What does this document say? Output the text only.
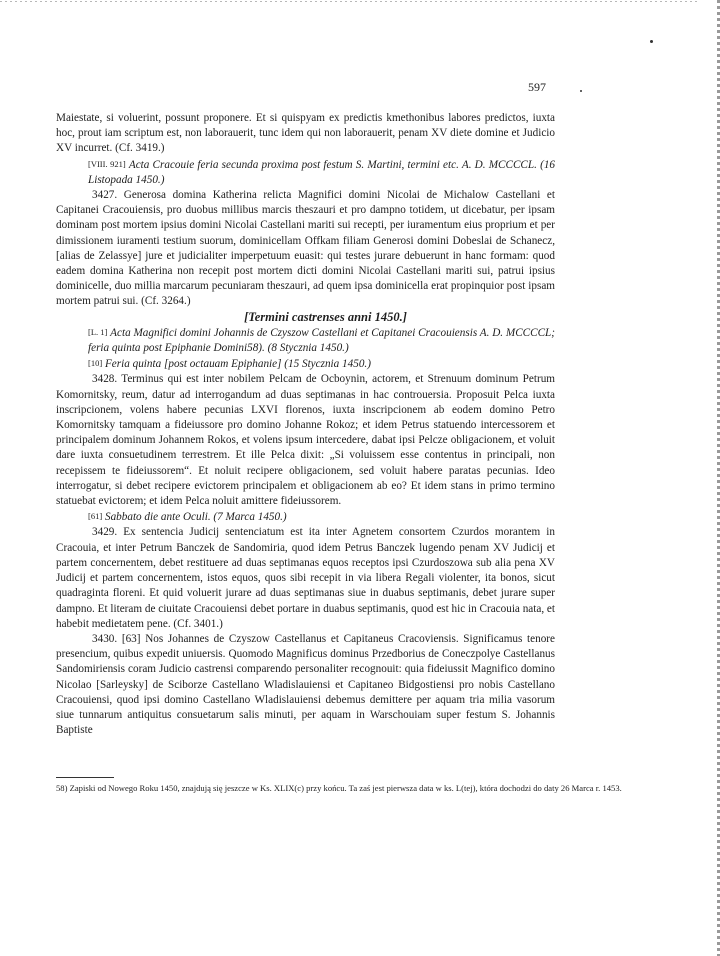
597

Maiestate, si voluerint, possunt proponere. Et si quispyam ex predictis kmethonibus labores predictos, iuxta hoc, prout iam scriptum est, non laborauerit, tunc idem qui non laborauerit, penam XV diete domine et Judicio XV incurret. (Cf. 3419.)

[VIII. 921] Acta Cracouie feria secunda proxima post festum S. Martini, termini etc. A. D. MCCCCL. (16 Listopada 1450.)

3427. Generosa domina Katherina relicta Magnifici domini Nicolai de Michalow Castellani et Capitanei Cracouiensis, pro duobus millibus marcis theszauri et pro dampno totidem, ut dicebatur, per ipsam dominam post mortem ipsius domini Nicolai Castellani mariti sui recepti, per iuramentum eius proprium et per dimissionem iuramenti testium suorum, dominicellam Offkam filiam Generosi domini Dobeslai de Schanecz, [alias de Zelassye] jure et judicialiter imperpetuum euasit: qui testes jurare debuerunt in hanc formam: quod eadem domina Katherina non recepit post mortem dicti domini Nicolai Castellani mariti sui, patrui ipsius dominicelle, duo millia marcarum pecuniaram theszauri, ad quem ipsa dominicella erat propinquior post ipsam mortem patrui sui. (Cf. 3264.)

[Termini castrenses anni 1450.]

[L. 1] Acta Magnifici domini Johannis de Czyszow Castellani et Capitanei Cracouiensis A. D. MCCCCL; feria quinta post Epiphanie Domini58). (8 Stycznia 1450.)

[10] Feria quinta [post octauam Epiphanie] (15 Stycznia 1450.)

3428. Terminus qui est inter nobilem Pelcam de Ocboynin, actorem, et Strenuum dominum Petrum Komornitsky, reum, datur ad interrogandum ad duas septimanas in hac controuersia. Proposuit Pelca iuxta inscripcionem, volens habere pecunias LXVI florenos, iuxta inscripcionem ab eodem domino Petro Komornitsky tamquam a fideiussore pro domino Johanne Rokoz; et idem Petrus statuendo intercessorem et principalem dominum Johannem Rokos, et volens ipsum intercedere, dabat ipsi Pelcze obligacionem, et voluit dare iuxta consuetudinem terrestrem. Et ille Pelca dixit: „Si voluissem esse contentus in principali, non recepissem te fideiussorem“. Et noluit recipere obligacionem, sed voluit habere paratas pecunias. Ideo interrogatur, si debet recipere evictorem principalem et obligacionem ab eo? Et idem stans in primo termino statuebat evictorem; et idem Pelca noluit amittere fideiussorem.

[61] Sabbato die ante Oculi. (7 Marca 1450.)

3429. Ex sentencia Judicij sentenciatum est ita inter Agnetem consortem Czurdos morantem in Cracouia, et inter Petrum Banczek de Sandomiria, quod idem Petrus Banczek lugendo penam XV Judicij et partem concernentem, debet restituere ad duas septimanas equos receptos ipsi Czurdoszowa sub alia pena XV Judicij et partem concernentem, istos equos, quos sibi recepit in via libera Regali violenter, ita bonos, sicut quadraginta floreni. Et quid voluerit jurare ad duas septimanas siue in duabus septimanis, debet jurare super dampno. Et literam de ciuitate Cracouiensi debet portare in duabus septimanis, quod est hic in Cracouia nata, et habebit medietatem pene. (Cf. 3401.)

3430. [63] Nos Johannes de Czyszow Castellanus et Capitaneus Cracoviensis. Significamus tenore presencium, quibus expedit uniuersis. Quomodo Magnificus dominus Przedborius de Coneczpolye Castellanus Sandomiriensis coram Judicio castrensi comparendo personaliter recognouit: quia fideiussit Magnifico domino Nicolao [Sarleysky] de Sciborze Castellano Wladislauiensi et Capitaneo Bidgostiensi pro nobis Castellano Cracouiensi, quod ipsi domino Castellano Wladislauiensi debemus demittere per aquam tria milia vasorum siue tunnarum antiquitus consuetarum salis minuti, per aquam in Warschouiam super festum S. Johannis Baptiste

58) Zapiski od Nowego Roku 1450, znajdują się jeszcze w Ks. XLIX(c) przy końcu. Ta zaś jest pierwsza data w ks. L(tej), która dochodzi do daty 26 Marca r. 1453.
